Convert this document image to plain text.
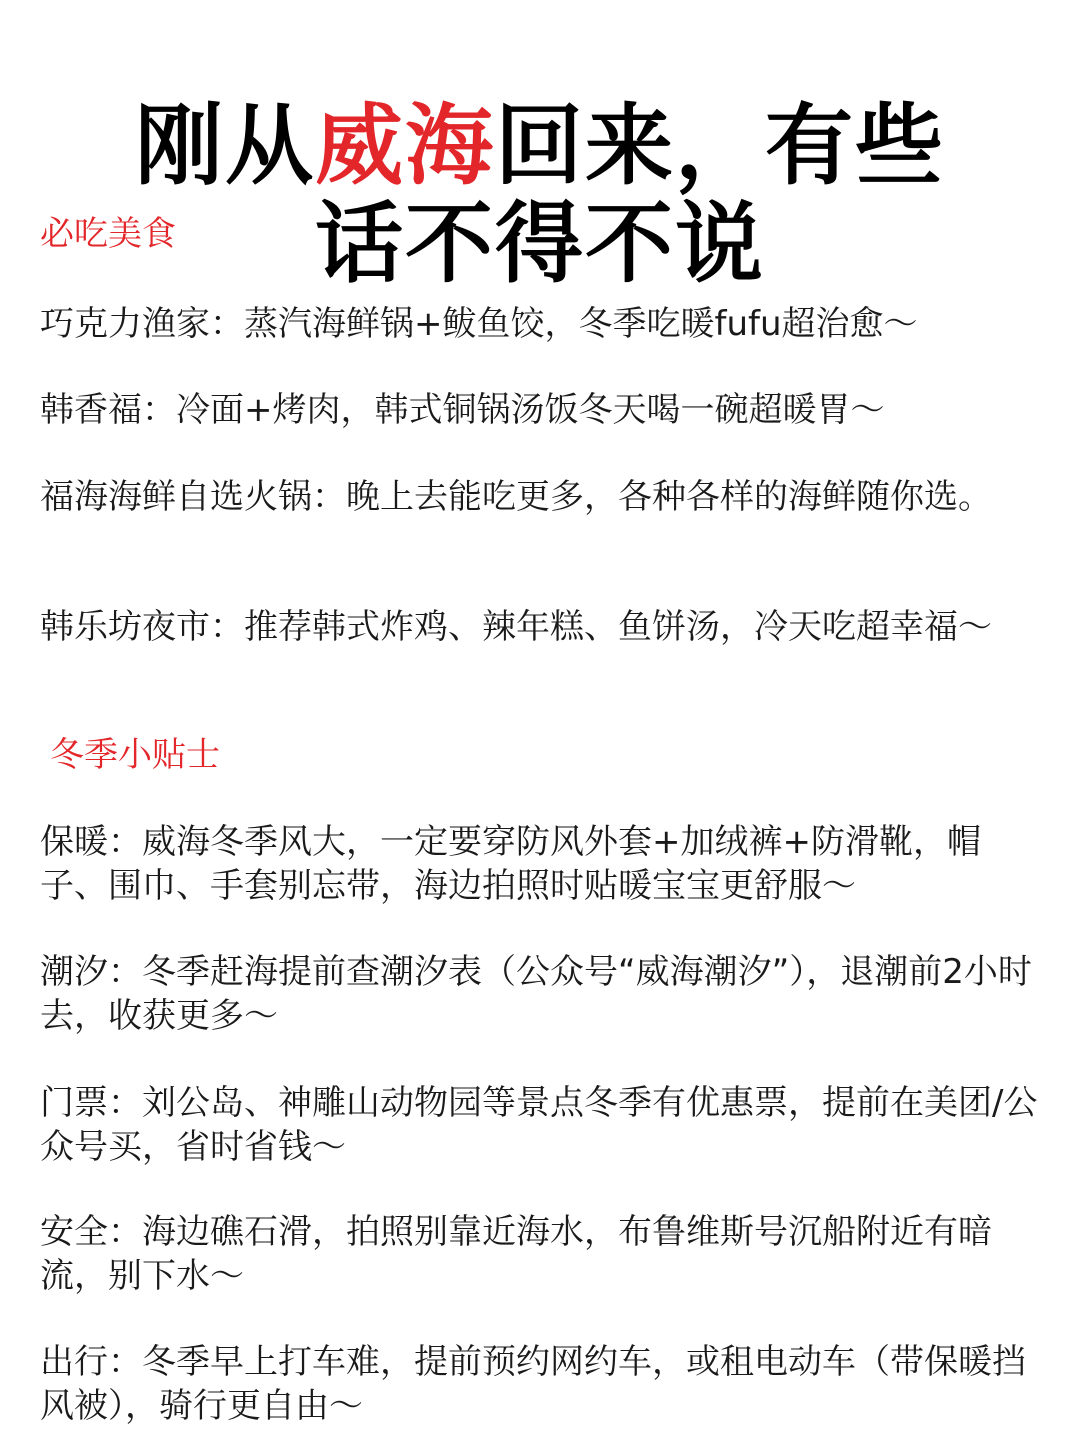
刚从威海回来，有些
话不得不说
必吃美食

巧克力渔家：蒸汽海鲜锅+鲅鱼饺，冬季吃暖fufu超治愈～

韩香福：冷面+烤肉，韩式铜锅汤饭冬天喝一碗超暖胃～

福海海鲜自选火锅：晚上去能吃更多，各种各样的海鲜随你选。

韩乐坊夜市：推荐韩式炸鸡、辣年糕、鱼饼汤，冷天吃超幸福～

冬季小贴士

保暖：威海冬季风大，一定要穿防风外套+加绒裤+防滑靴，帽子、围巾、手套别忘带，海边拍照时贴暖宝宝更舒服～

潮汐：冬季赶海提前查潮汐表（公众号“威海潮汐”），退潮前2小时去，收获更多～

门票：刘公岛、神雕山动物园等景点冬季有优惠票，提前在美团/公众号买，省时省钱～

安全：海边礁石滑，拍照别靠近海水，布鲁维斯号沉船附近有暗流，别下水～

出行：冬季早上打车难，提前预约网约车，或租电动车（带保暖挡风被），骑行更自由～
